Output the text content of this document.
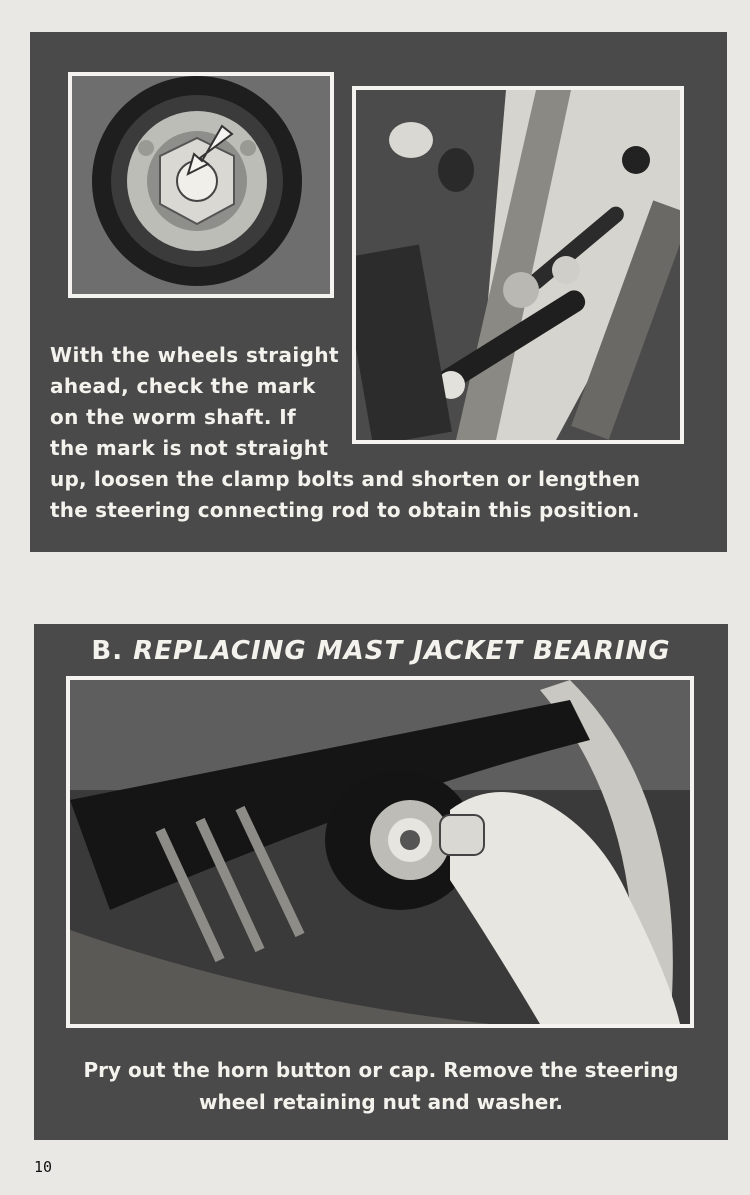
With the wheels straight
ahead, check the mark
on the worm shaft. If
the mark is not straight

up, loosen the clamp bolts and shorten or lengthen
the steering connecting rod to obtain this position.

B. REPLACING MAST JACKET BEARING

Pry out the horn button or cap. Remove the steering
wheel retaining nut and washer.

10
